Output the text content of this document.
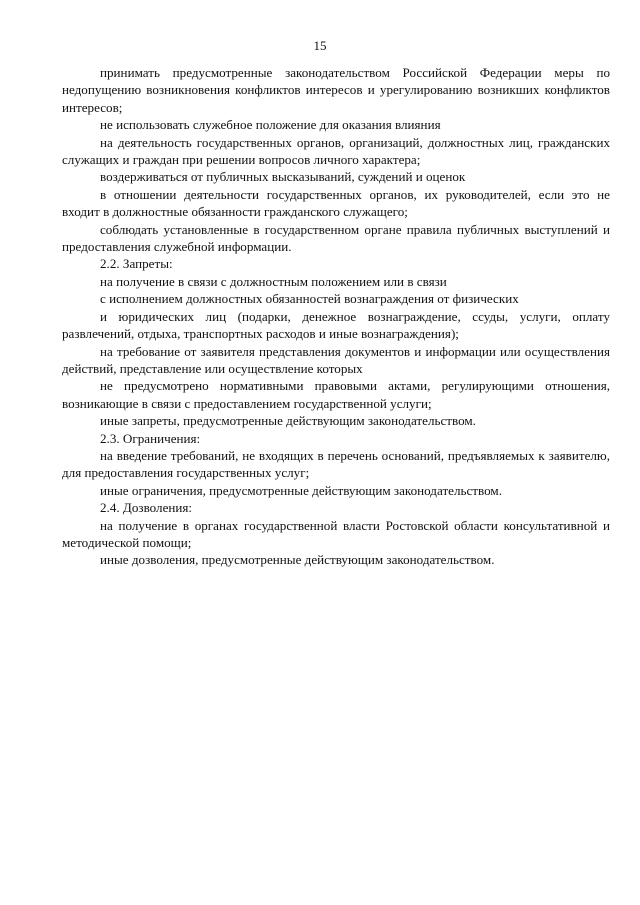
15

принимать предусмотренные законодательством Российской Федерации меры по недопущению возникновения конфликтов интересов и урегулированию возникших конфликтов интересов;

не использовать служебное положение для оказания влияния

на деятельность государственных органов, организаций, должностных лиц, гражданских служащих и граждан при решении вопросов личного характера;

воздерживаться от публичных высказываний, суждений и оценок

в отношении деятельности государственных органов, их руководителей, если это не входит в должностные обязанности гражданского служащего;

соблюдать установленные в государственном органе правила публичных выступлений и предоставления служебной информации.

2.2. Запреты:

на получение в связи с должностным положением или в связи

с исполнением должностных обязанностей вознаграждения от физических

и юридических лиц (подарки, денежное вознаграждение, ссуды, услуги, оплату развлечений, отдыха, транспортных расходов и иные вознаграждения);

на требование от заявителя представления документов и информации или осуществления действий, представление или осуществление которых

не предусмотрено нормативными правовыми актами, регулирующими отношения, возникающие в связи с предоставлением государственной услуги;

иные запреты, предусмотренные действующим законодательством.

2.3. Ограничения:

на введение требований, не входящих в перечень оснований, предъявляемых к заявителю, для предоставления государственных услуг;

иные ограничения, предусмотренные действующим законодательством.

2.4. Дозволения:

на получение в органах государственной власти Ростовской области консультативной и методической помощи;

иные дозволения, предусмотренные действующим законодательством.
